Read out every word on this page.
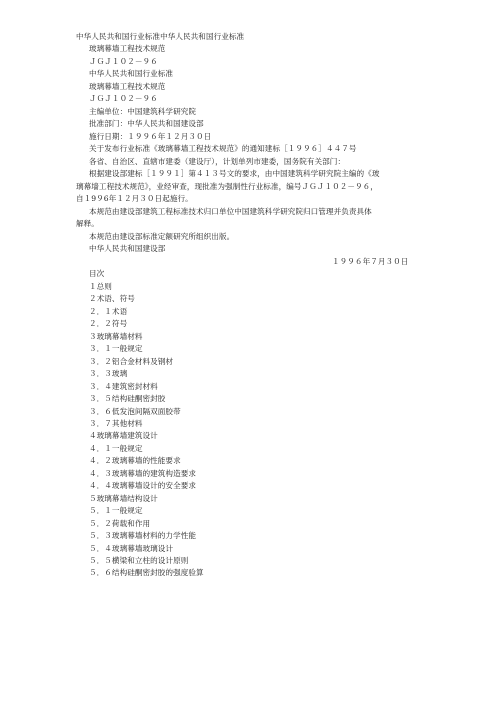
中华人民共和国行业标准中华人民共和国行业标准
玻璃幕墙工程技术规范
ＪＧＪ１０２－９６
中华人民共和国行业标准
玻璃幕墙工程技术规范
ＪＧＪ１０２－９６
主编单位：中国建筑科学研究院
批准部门：中华人民共和国建设部
施行日期：１９９６年１２月３０日
关于发布行业标准《玻璃幕墙工程技术规范》的通知建标［１９９６］４４７号
各省、自治区、直辖市建委（建设厅），计划单列市建委，国务院有关部门：
根据建设部建标［１９９１］第４１３号文的要求，由中国建筑科学研究院主编的《玻
璃幕墙工程技术规范》，业经审查，现批准为强制性行业标准，编号ＪＧＪ１０２－９６，
自１9９6年１２月３０日起施行。
本规范由建设部建筑工程标准技术归口单位中国建筑科学研究院归口管理并负责具体
解释。
本规范由建设部标准定额研究所组织出版。
中华人民共和国建设部
１９９６年７月３０日
目次
１总则
２术语、符号
２．１术语
２．２符号
３玻璃幕墙材料
３．１一般规定
３．２铝合金材料及钢材
３．３玻璃
３．４建筑密封材料
３．５结构硅酮密封胶
３．６低发泡间隔双面胶带
３．７其他材料
４玻璃幕墙建筑设计
４．１一般规定
４．２玻璃幕墙的性能要求
４．３玻璃幕墙的建筑构造要求
４．４玻璃幕墙设计的安全要求
５玻璃幕墙结构设计
５．１一般规定
５．２荷载和作用
５．３玻璃幕墙材料的力学性能
５．４玻璃幕墙玻璃设计
５．５横梁和立柱的设计原则
５．６结构硅酮密封胶的强度验算
